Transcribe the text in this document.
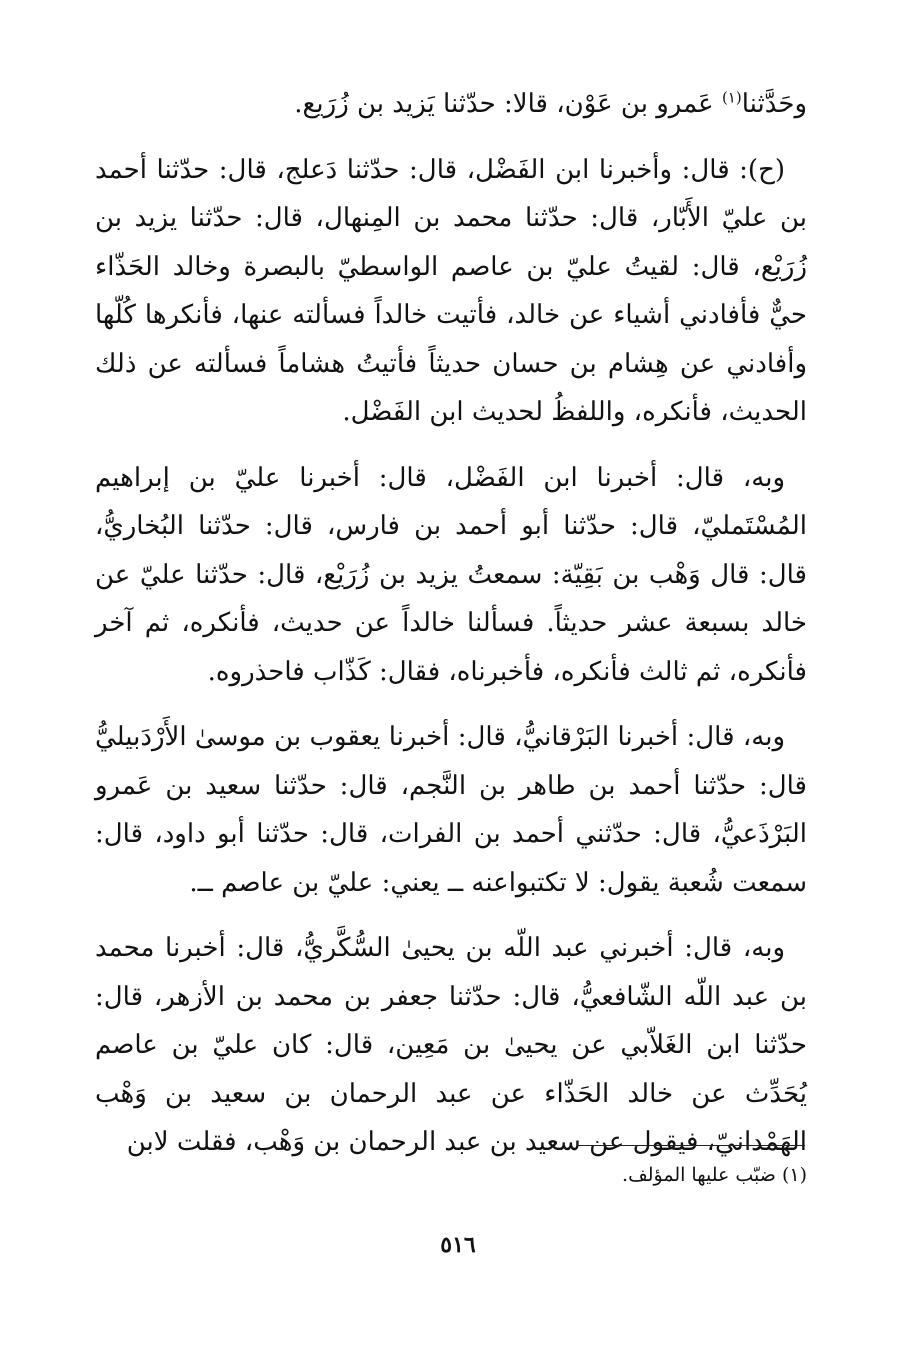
وحَدَّثنا$^{(١)}$ عَمرو بن عَوْن، قالا: حدّثنا يَزيد بن زُرَيع.

(ح): قال: وأخبرنا ابن الفَضْل، قال: حدّثنا دَعلج، قال: حدّثنا أحمد بن عليّ الأَبّار، قال: حدّثنا محمد بن المِنهال، قال: حدّثنا يزيد بن زُرَيْع، قال: لقيتُ عليّ بن عاصم الواسطيّ بالبصرة وخالد الحَذّاء حيٌّ فأفادني أشياء عن خالد، فأتيت خالداً فسألته عنها، فأنكرها كُلّها وأفادني عن هِشام بن حسان حديثاً فأتيتُ هشاماً فسألته عن ذلك الحديث، فأنكره، واللفظُ لحديث ابن الفَضْل.

وبه، قال: أخبرنا ابن الفَضْل، قال: أخبرنا عليّ بن إبراهيم المُسْتَمليّ، قال: حدّثنا أبو أحمد بن فارس، قال: حدّثنا البُخاريُّ، قال: قال وَهْب بن بَقِيّة: سمعتُ يزيد بن زُرَيْع، قال: حدّثنا عليّ عن خالد بسبعة عشر حديثاً. فسألنا خالداً عن حديث، فأنكره، ثم آخر فأنكره، ثم ثالث فأنكره، فأخبرناه، فقال: كَذّاب فاحذروه.

وبه، قال: أخبرنا البَرْقانيُّ، قال: أخبرنا يعقوب بن موسىٰ الأَرْدَبيليُّ قال: حدّثنا أحمد بن طاهر بن النَّجم، قال: حدّثنا سعيد بن عَمرو البَرْذَعيُّ، قال: حدّثني أحمد بن الفرات، قال: حدّثنا أبو داود، قال: سمعت شُعبة يقول: لا تكتبواعنه ــ يعني: عليّ بن عاصم ــ.

وبه، قال: أخبرني عبد اللّه بن يحيىٰ السُّكَّريُّ، قال: أخبرنا محمد بن عبد اللّه الشّافعيُّ، قال: حدّثنا جعفر بن محمد بن الأزهر، قال: حدّثنا ابن الغَلاّبي عن يحيىٰ بن مَعِين، قال: كان عليّ بن عاصم يُحَدِّث عن خالد الحَذّاء عن عبد الرحمان بن سعيد بن وَهْب الهَمْدانيّ، فيقول عن سعيد بن عبد الرحمان بن وَهْب، فقلت لابن

(١) ضبّب عليها المؤلف.
٥١٦
